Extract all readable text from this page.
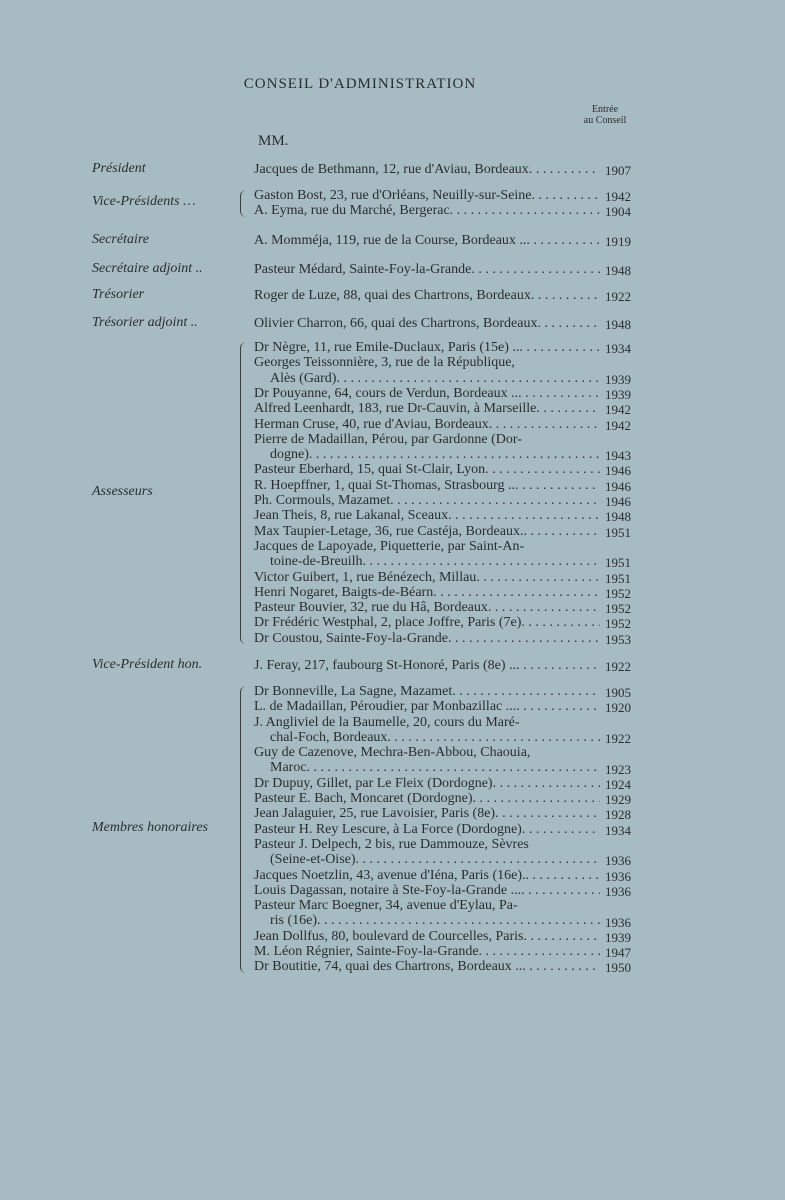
CONSEIL D'ADMINISTRATION
Entrée
au Conseil
MM.
Président	Jacques de Bethmann, 12, rue d'Aviau, Bordeaux . . .	1907
Vice-Présidents …	Gaston Bost, 23, rue d'Orléans, Neuilly-sur-Seine . . .	1942
A. Eyma, rue du Marché, Bergerac . . .	1904
Secrétaire	A. Momméja, 119, rue de la Course, Bordeaux .. . . .	1919
Secrétaire adjoint ..	Pasteur Médard, Sainte-Foy-la-Grande . . .	1948
Trésorier	Roger de Luze, 88, quai des Chartrons, Bordeaux . . .	1922
Trésorier adjoint ..	Olivier Charron, 66, quai des Chartrons, Bordeaux . . .	1948
Assesseurs
Dr Nègre, 11, rue Emile-Duclaux, Paris (15e) .. . . .	1934
Georges Teissonnière, 3, rue de la République,
Alès (Gard) . . .	1939
Dr Pouyanne, 64, cours de Verdun, Bordeaux .. . . .	1939
Alfred Leenhardt, 183, rue Dr-Cauvin, à Marseille . . .	1942
Herman Cruse, 40, rue d'Aviau, Bordeaux . . .	1942
Pierre de Madaillan, Pérou, par Gardonne (Dor-
dogne) . . .	1943
Pasteur Eberhard, 15, quai St-Clair, Lyon . . .	1946
R. Hoepffner, 1, quai St-Thomas, Strasbourg .. . . .	1946
Ph. Cormouls, Mazamet . . .	1946
Jean Theis, 8, rue Lakanal, Sceaux . . .	1948
Max Taupier-Letage, 36, rue Castéja, Bordeaux. . . .	1951
Jacques de Lapoyade, Piquetterie, par Saint-An-
toine-de-Breuilh . . .	1951
Victor Guibert, 1, rue Bénézech, Millau . . .	1951
Henri Nogaret, Baigts-de-Béarn . . .	1952
Pasteur Bouvier, 32, rue du Hâ, Bordeaux . . .	1952
Dr Frédéric Westphal, 2, place Joffre, Paris (7e) . . .	1952
Dr Coustou, Sainte-Foy-la-Grande . . .	1953
Vice-Président hon.	J. Feray, 217, faubourg St-Honoré, Paris (8e) .. . . .	1922
Membres honoraires
Dr Bonneville, La Sagne, Mazamet . . .	1905
L. de Madaillan, Péroudier, par Monbazillac ... . . .	1920
J. Angliviel de la Baumelle, 20, cours du Maré-
chal-Foch, Bordeaux . . .	1922
Guy de Cazenove, Mechra-Ben-Abbou, Chaouia,
Maroc . . .	1923
Dr Dupuy, Gillet, par Le Fleix (Dordogne) . . .	1924
Pasteur E. Bach, Moncaret (Dordogne) . . .	1929
Jean Jalaguier, 25, rue Lavoisier, Paris (8e) . . .	1928
Pasteur H. Rey Lescure, à La Force (Dordogne) . . .	1934
Pasteur J. Delpech, 2 bis, rue Dammouze, Sèvres
(Seine-et-Oise) . . .	1936
Jacques Noetzlin, 43, avenue d'Iéna, Paris (16e). . . .	1936
Louis Dagassan, notaire à Ste-Foy-la-Grande ... . . .	1936
Pasteur Marc Boegner, 34, avenue d'Eylau, Pa-
ris (16e) . . .	1936
Jean Dollfus, 80, boulevard de Courcelles, Paris . . .	1939
M. Léon Régnier, Sainte-Foy-la-Grande . . .	1947
Dr Boutitie, 74, quai des Chartrons, Bordeaux .. . . .	1950
